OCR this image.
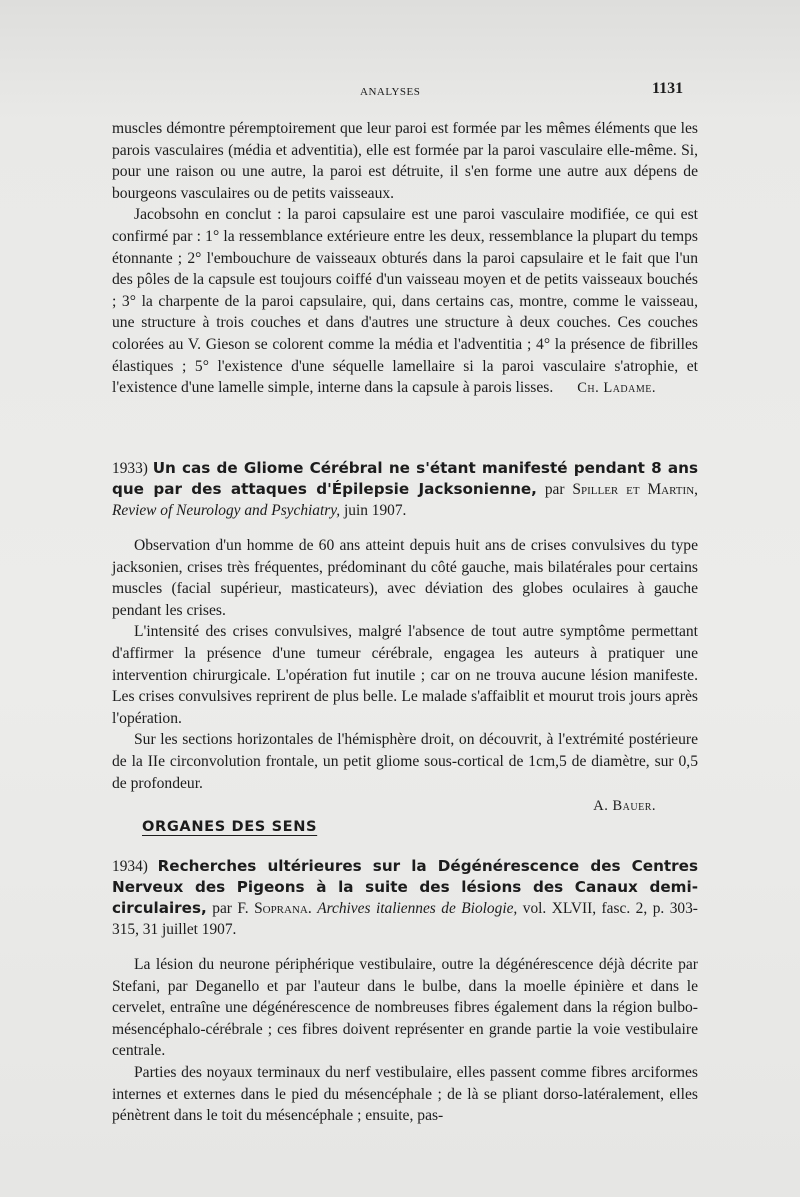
ANALYSES	1131

muscles démontre péremptoirement que leur paroi est formée par les mêmes éléments que les parois vasculaires (média et adventitia), elle est formée par la paroi vasculaire elle-même. Si, pour une raison ou une autre, la paroi est détruite, il s'en forme une autre aux dépens de bourgeons vasculaires ou de petits vaisseaux.

Jacobsohn en conclut : la paroi capsulaire est une paroi vasculaire modifiée, ce qui est confirmé par : 1° la ressemblance extérieure entre les deux, ressemblance la plupart du temps étonnante ; 2° l'embouchure de vaisseaux obturés dans la paroi capsulaire et le fait que l'un des pôles de la capsule est toujours coiffé d'un vaisseau moyen et de petits vaisseaux bouchés ; 3° la charpente de la paroi capsulaire, qui, dans certains cas, montre, comme le vaisseau, une structure à trois couches et dans d'autres une structure à deux couches. Ces couches colorées au V. Gieson se colorent comme la média et l'adventitia ; 4° la présence de fibrilles élastiques ; 5° l'existence d'une séquelle lamellaire si la paroi vasculaire s'atrophie, et l'existence d'une lamelle simple, interne dans la capsule à parois lisses.	Ch. Ladame.
1933) Un cas de Gliome Cérébral ne s'étant manifesté pendant 8 ans que par des attaques d'Épilepsie Jacksonienne, par Spiller et Martin, Review of Neurology and Psychiatry, juin 1907.

Observation d'un homme de 60 ans atteint depuis huit ans de crises convulsives du type jacksonien, crises très fréquentes, prédominant du côté gauche, mais bilatérales pour certains muscles (facial supérieur, masticateurs), avec déviation des globes oculaires à gauche pendant les crises.

L'intensité des crises convulsives, malgré l'absence de tout autre symptôme permettant d'affirmer la présence d'une tumeur cérébrale, engagea les auteurs à pratiquer une intervention chirurgicale. L'opération fut inutile ; car on ne trouva aucune lésion manifeste. Les crises convulsives reprirent de plus belle. Le malade s'affaiblit et mourut trois jours après l'opération.

Sur les sections horizontales de l'hémisphère droit, on découvrit, à l'extrémité postérieure de la IIe circonvolution frontale, un petit gliome sous-cortical de 1cm,5 de diamètre, sur 0,5 de profondeur.

A. Bauer.
ORGANES DES SENS
1934) Recherches ultérieures sur la Dégénérescence des Centres Nerveux des Pigeons à la suite des lésions des Canaux demi-circulaires, par F. Soprana. Archives italiennes de Biologie, vol. XLVII, fasc. 2, p. 303-315, 31 juillet 1907.

La lésion du neurone périphérique vestibulaire, outre la dégénérescence déjà décrite par Stefani, par Deganello et par l'auteur dans le bulbe, dans la moelle épinière et dans le cervelet, entraîne une dégénérescence de nombreuses fibres également dans la région bulbo-mésencéphalo-cérébrale ; ces fibres doivent représenter en grande partie la voie vestibulaire centrale.

Parties des noyaux terminaux du nerf vestibulaire, elles passent comme fibres arciformes internes et externes dans le pied du mésencéphale ; de là se pliant dorso-latéralement, elles pénètrent dans le toit du mésencéphale ; ensuite, pas-
